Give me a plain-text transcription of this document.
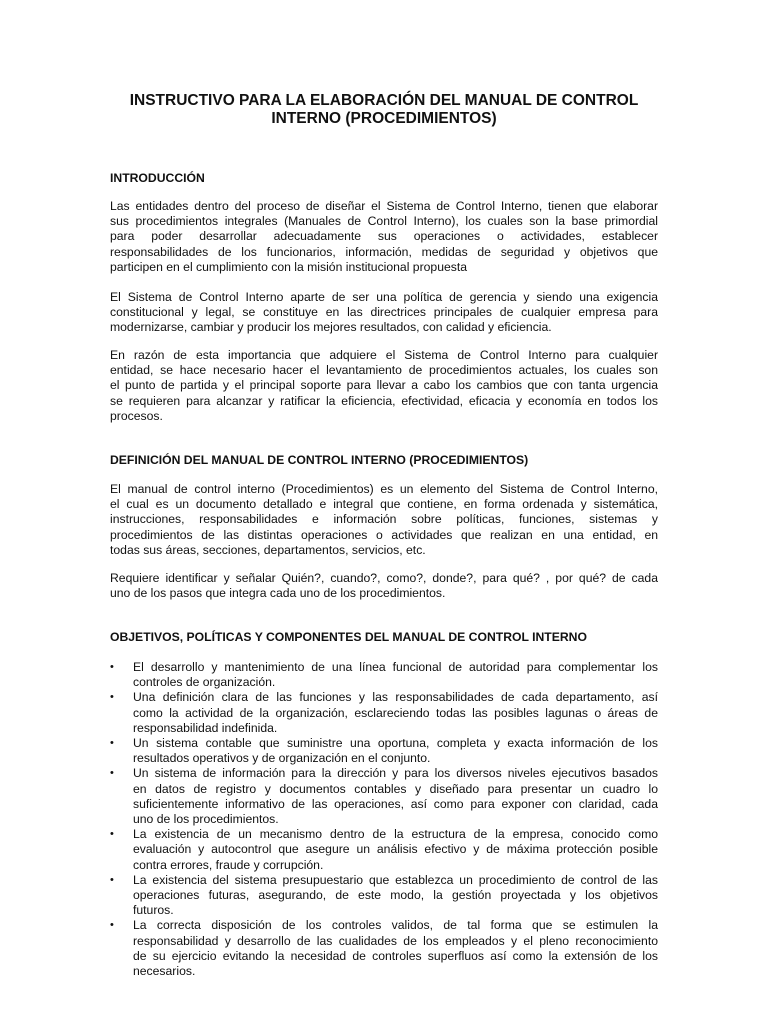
INSTRUCTIVO PARA LA ELABORACIÓN DEL MANUAL DE CONTROL
INTERNO (PROCEDIMIENTOS)
INTRODUCCIÓN
Las entidades dentro del proceso de diseñar el Sistema de Control Interno, tienen que elaborar
sus procedimientos integrales (Manuales de Control Interno), los cuales son la base primordial
para poder desarrollar adecuadamente sus operaciones o actividades, establecer
responsabilidades de los funcionarios, información, medidas de seguridad y objetivos que
participen en el cumplimiento con la misión institucional propuesta
El Sistema de Control Interno aparte de ser una política de gerencia y siendo una exigencia
constitucional y legal, se constituye en las directrices principales de cualquier empresa para
modernizarse, cambiar y producir los mejores resultados, con calidad y eficiencia.
En razón de esta importancia que adquiere el Sistema de Control Interno para cualquier
entidad, se hace necesario hacer el levantamiento de procedimientos actuales, los cuales son
el punto de partida y el principal soporte para llevar a cabo los cambios que con tanta urgencia
se requieren para alcanzar y ratificar la eficiencia, efectividad, eficacia y economía en todos los
procesos.
DEFINICIÓN DEL MANUAL DE CONTROL INTERNO (PROCEDIMIENTOS)
El manual de control interno (Procedimientos) es un elemento del Sistema de Control Interno,
el cual es un documento detallado e integral que contiene, en forma ordenada y sistemática,
instrucciones, responsabilidades e información sobre políticas, funciones, sistemas y
procedimientos de las distintas operaciones o actividades que realizan en una entidad, en
todas sus áreas, secciones, departamentos, servicios, etc.
Requiere identificar y señalar Quién?, cuando?, como?, donde?, para qué? , por qué? de cada
uno de los pasos que integra cada uno de los procedimientos.
OBJETIVOS, POLÍTICAS Y COMPONENTES DEL MANUAL DE CONTROL INTERNO
• El desarrollo y mantenimiento de una línea funcional de autoridad para complementar los
controles de organización.
• Una definición clara de las funciones y las responsabilidades de cada departamento, así
como la actividad de la organización, esclareciendo todas las posibles lagunas o áreas de
responsabilidad indefinida.
• Un sistema contable que suministre una oportuna, completa y exacta información de los
resultados operativos y de organización en el conjunto.
• Un sistema de información para la dirección y para los diversos niveles ejecutivos basados
en datos de registro y documentos contables y diseñado para presentar un cuadro lo
suficientemente informativo de las operaciones, así como para exponer con claridad, cada
uno de los procedimientos.
• La existencia de un mecanismo dentro de la estructura de la empresa, conocido como
evaluación y autocontrol que asegure un análisis efectivo y de máxima protección posible
contra errores, fraude y corrupción.
• La existencia del sistema presupuestario que establezca un procedimiento de control de las
operaciones futuras, asegurando, de este modo, la gestión proyectada y los objetivos
futuros.
• La correcta disposición de los controles validos, de tal forma que se estimulen la
responsabilidad y desarrollo de las cualidades de los empleados y el pleno reconocimiento
de su ejercicio evitando la necesidad de controles superfluos así como la extensión de los
necesarios.
